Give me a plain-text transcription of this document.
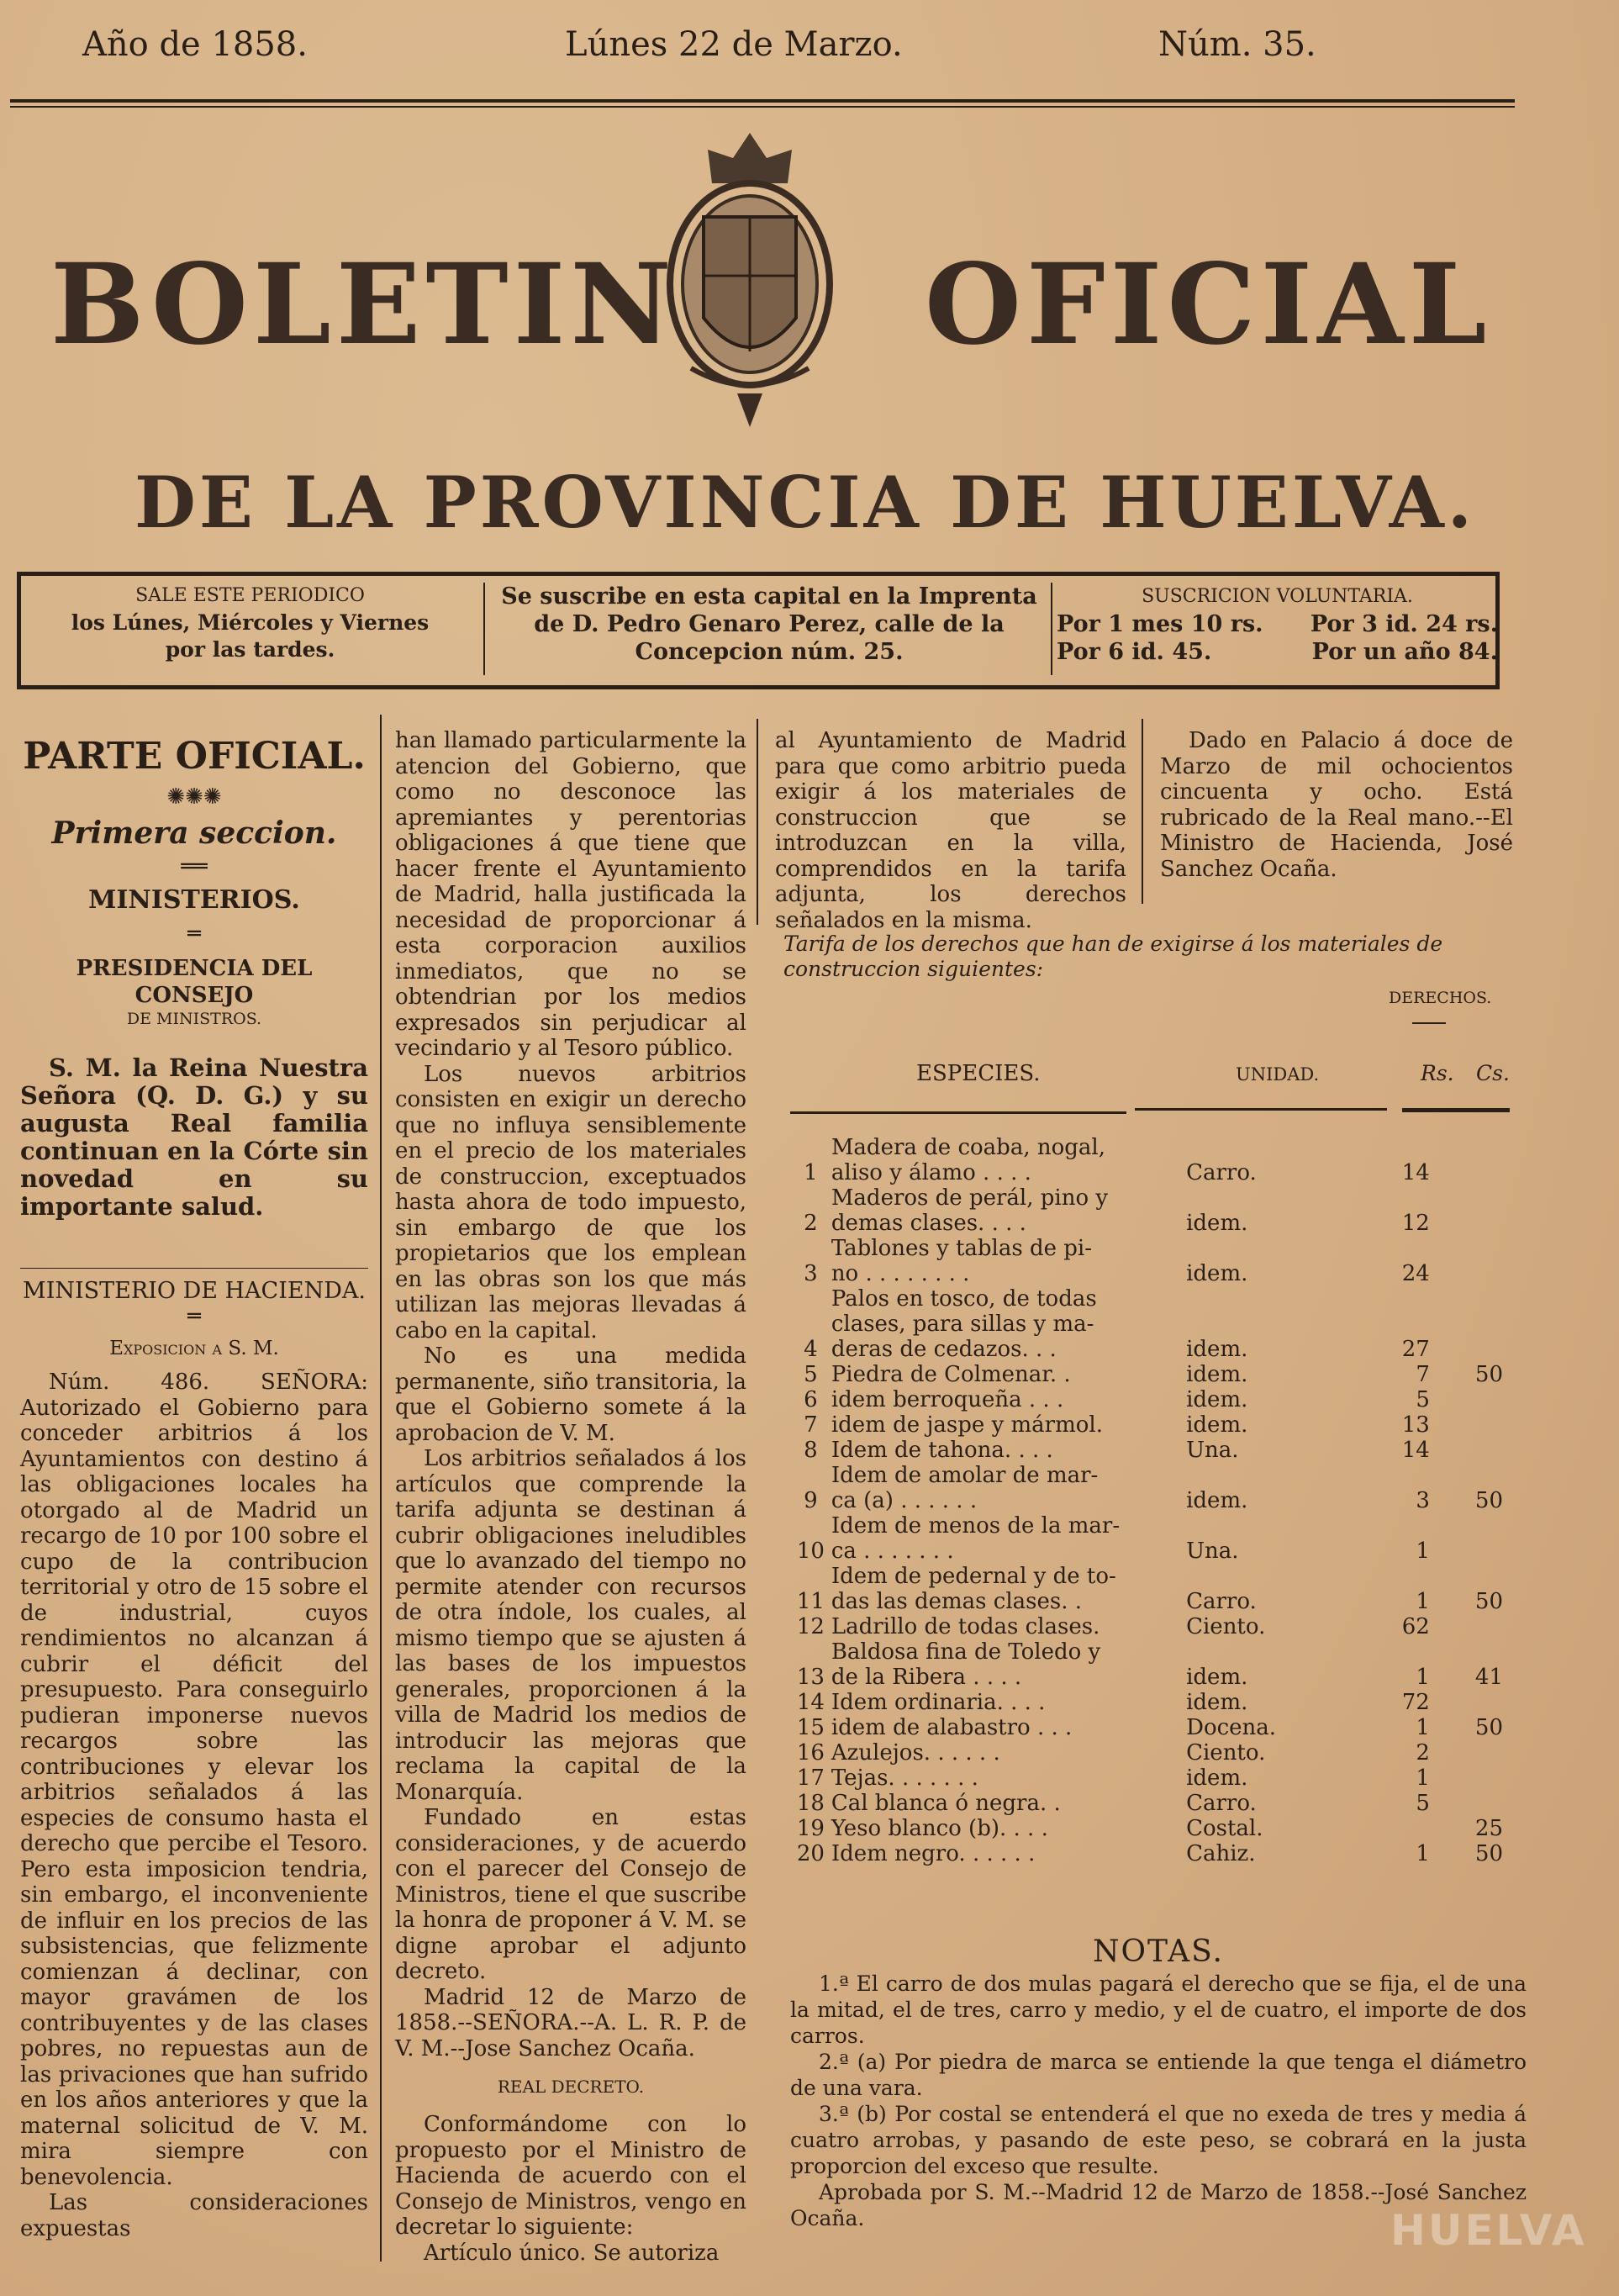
Año de 1858.	Lúnes 22 de Marzo.	Núm. 35.
BOLETIN OFICIAL
DE LA PROVINCIA DE HUELVA.
SALE ESTE PERIODICO
los Lúnes, Miércoles y Viernes
por las tardes.
Se suscribe en esta capital en la Imprenta
de D. Pedro Genaro Perez, calle de la
Concepcion núm. 25.
SUSCRICION VOLUNTARIA.
Por 1 mes 10 rs. Por 3 id. 24 rs.
Por 6 id. 45.	Por un año 84.
PARTE OFICIAL.
✺✺✺
Primera seccion.
══
MINISTERIOS.
═
PRESIDENCIA DEL CONSEJO
DE MINISTROS.

S. M. la Reina Nuestra Señora (Q. D. G.) y su augusta Real familia continuan en la Córte sin novedad en su importante salud.

MINISTERIO DE HACIENDA.
═
Exposicion a S. M.

Núm. 486. SEÑORA: Autorizado el Gobierno para conceder arbitrios á los Ayuntamientos con destino á las obligaciones locales ha otorgado al de Madrid un recargo de 10 por 100 sobre el cupo de la contribucion territorial y otro de 15 sobre el de industrial, cuyos rendimientos no alcanzan á cubrir el déficit del presupuesto. Para conseguirlo pudieran imponerse nuevos recargos sobre las contribuciones y elevar los arbitrios señalados á las especies de consumo hasta el derecho que percibe el Tesoro. Pero esta imposicion tendria, sin embargo, el inconveniente de influir en los precios de las subsistencias, que felizmente comienzan á declinar, con mayor gravámen de los contribuyentes y de las clases pobres, no repuestas aun de las privaciones que han sufrido en los años anteriores y que la maternal solicitud de V. M. mira siempre con benevolencia.

Las consideraciones expuestas

han llamado particularmente la atencion del Gobierno, que como no desconoce las apremiantes y perentorias obligaciones á que tiene que hacer frente el Ayuntamiento de Madrid, halla justificada la necesidad de proporcionar á esta corporacion auxilios inmediatos, que no se obtendrian por los medios expresados sin perjudicar al vecindario y al Tesoro público.

Los nuevos arbitrios consisten en exigir un derecho que no influya sensiblemente en el precio de los materiales de construccion, exceptuados hasta ahora de todo impuesto, sin embargo de que los propietarios que los emplean en las obras son los que más utilizan las mejoras llevadas á cabo en la capital.

No es una medida permanente, siño transitoria, la que el Gobierno somete á la aprobacion de V. M.

Los arbitrios señalados á los artículos que comprende la tarifa adjunta se destinan á cubrir obligaciones ineludibles que lo avanzado del tiempo no permite atender con recursos de otra índole, los cuales, al mismo tiempo que se ajusten á las bases de los impuestos generales, proporcionen á la villa de Madrid los medios de introducir las mejoras que reclama la capital de la Monarquía.

Fundado en estas consideraciones, y de acuerdo con el parecer del Consejo de Ministros, tiene el que suscribe la honra de proponer á V. M. se digne aprobar el adjunto decreto.

Madrid 12 de Marzo de 1858.--SEÑORA.--A. L. R. P. de V. M.--Jose Sanchez Ocaña.

REAL DECRETO.

Conformándome con lo propuesto por el Ministro de Hacienda de acuerdo con el Consejo de Ministros, vengo en decretar lo siguiente:

Artículo único. Se autoriza

al Ayuntamiento de Madrid para que como arbitrio pueda exigir á los materiales de construccion que se introduzcan en la villa, comprendidos en la tarifa adjunta, los derechos señalados en la misma.

Dado en Palacio á doce de Marzo de mil ochocientos cincuenta y ocho. Está rubricado de la Real mano.--El Ministro de Hacienda, José Sanchez Ocaña.

Tarifa de los derechos que han de exigirse á los materiales de construccion siguientes:
DERECHOS.
ESPECIES.	UNIDAD.	Rs. Cs.
1	Madera de coaba, nogal,
aliso y álamo . . . .	Carro.	14	
2	Maderos de perál, pino y
demas clases. . . .	idem.	12	
3	Tablones y tablas de pi-
no . . . . . . . .	idem.	24	
4	Palos en tosco, de todas
clases, para sillas y ma-
deras de cedazos. . .	idem.	27	
5	Piedra de Colmenar. .	idem.	7	50
6	idem berroqueña . . .	idem.	5	
7	idem de jaspe y mármol.	idem.	13	
8	Idem de tahona. . . .	Una.	14	
9	Idem de amolar de mar-
ca (a) . . . . . .	idem.	3	50
10	Idem de menos de la mar-
ca . . . . . . .	Una.	1	
11	Idem de pedernal y de to-
das las demas clases. .	Carro.	1	50
12	Ladrillo de todas clases.	Ciento.	62	
13	Baldosa fina de Toledo y
de la Ribera . . . .	idem.	1	41
14	Idem ordinaria. . . .	idem.	72	
15	idem de alabastro . . .	Docena.	1	50
16	Azulejos. . . . . .	Ciento.	2	
17	Tejas. . . . . . .	idem.	1	
18	Cal blanca ó negra. .	Carro.	5	
19	Yeso blanco (b). . . .	Costal.		25
20	Idem negro. . . . . .	Cahiz.	1	50
NOTAS.
1.ª El carro de dos mulas pagará el derecho que se fija, el de una la mitad, el de tres, carro y medio, y el de cuatro, el importe de dos carros.
2.ª (a) Por piedra de marca se entiende la que tenga el diámetro de una vara.
3.ª (b) Por costal se entenderá el que no exeda de tres y media á cuatro arrobas, y pasando de este peso, se cobrará en la justa proporcion del exceso que resulte.
Aprobada por S. M.--Madrid 12 de Marzo de 1858.--José Sanchez Ocaña.	HUELVA
